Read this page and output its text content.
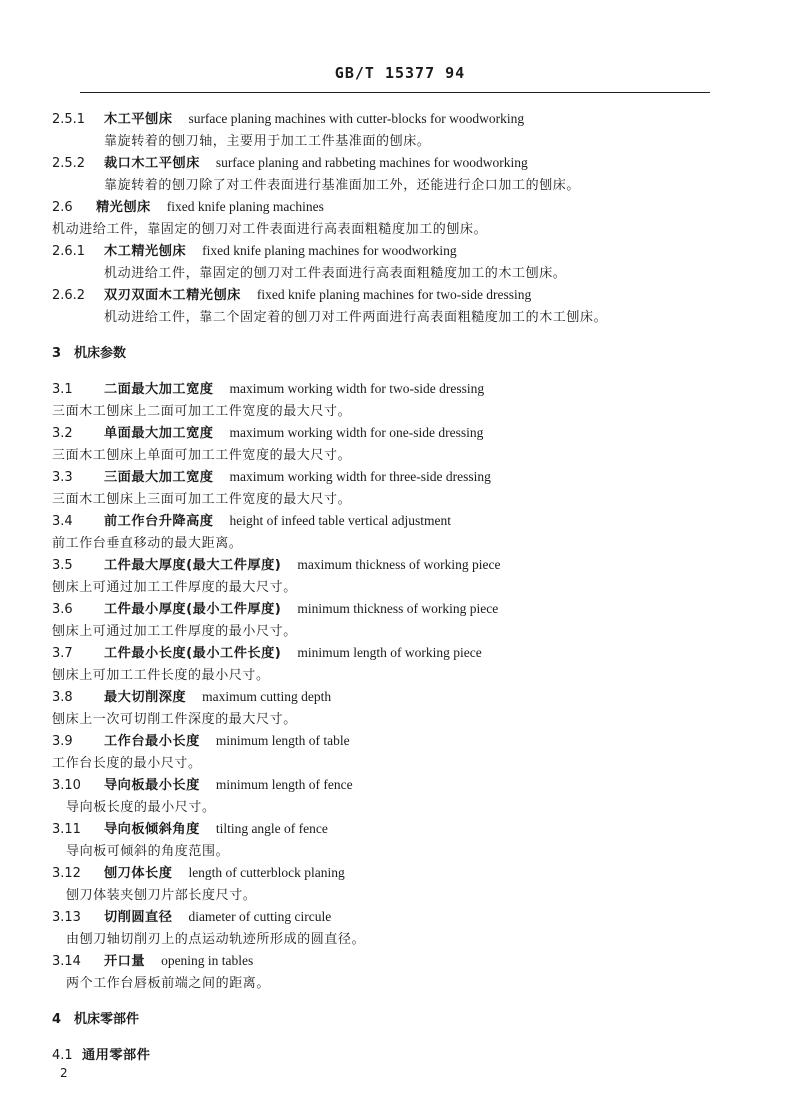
GB/T 15377 94
2.5.1	木工平刨床 surface planing machines with cutter-blocks for woodworking
靠旋转着的刨刀轴，主要用于加工工件基准面的刨床。
2.5.2	裁口木工平刨床 surface planing and rabbeting machines for woodworking
靠旋转着的刨刀除了对工件表面进行基准面加工外，还能进行企口加工的刨床。
2.6	精光刨床 fixed knife planing machines
机动进给工件，靠固定的刨刀对工件表面进行高表面粗糙度加工的刨床。
2.6.1	木工精光刨床 fixed knife planing machines for woodworking
机动进给工件，靠固定的刨刀对工件表面进行高表面粗糙度加工的木工刨床。
2.6.2	双刃双面木工精光刨床 fixed knife planing machines for two-side dressing
机动进给工件，靠二个固定着的刨刀对工件两面进行高表面粗糙度加工的木工刨床。
3 机床参数
3.1	二面最大加工宽度 maximum working width for two-side dressing
三面木工刨床上二面可加工工件宽度的最大尺寸。
3.2	单面最大加工宽度 maximum working width for one-side dressing
三面木工刨床上单面可加工工件宽度的最大尺寸。
3.3	三面最大加工宽度 maximum working width for three-side dressing
三面木工刨床上三面可加工工件宽度的最大尺寸。
3.4	前工作台升降高度 height of infeed table vertical adjustment
前工作台垂直移动的最大距离。
3.5	工件最大厚度(最大工件厚度) maximum thickness of working piece
刨床上可通过加工工件厚度的最大尺寸。
3.6	工件最小厚度(最小工件厚度) minimum thickness of working piece
刨床上可通过加工工件厚度的最小尺寸。
3.7	工件最小长度(最小工件长度) minimum length of working piece
刨床上可加工工件长度的最小尺寸。
3.8	最大切削深度 maximum cutting depth
刨床上一次可切削工件深度的最大尺寸。
3.9	工作台最小长度 minimum length of table
工作台长度的最小尺寸。
3.10	导向板最小长度 minimum length of fence
导向板长度的最小尺寸。
3.11	导向板倾斜角度 tilting angle of fence
导向板可倾斜的角度范围。
3.12	刨刀体长度 length of cutterblock planing
刨刀体装夹刨刀片部长度尺寸。
3.13	切削圆直径 diameter of cutting circule
由刨刀轴切削刃上的点运动轨迹所形成的圆直径。
3.14	开口量 opening in tables
两个工作台唇板前端之间的距离。
4 机床零部件
4.1 通用零部件
2
